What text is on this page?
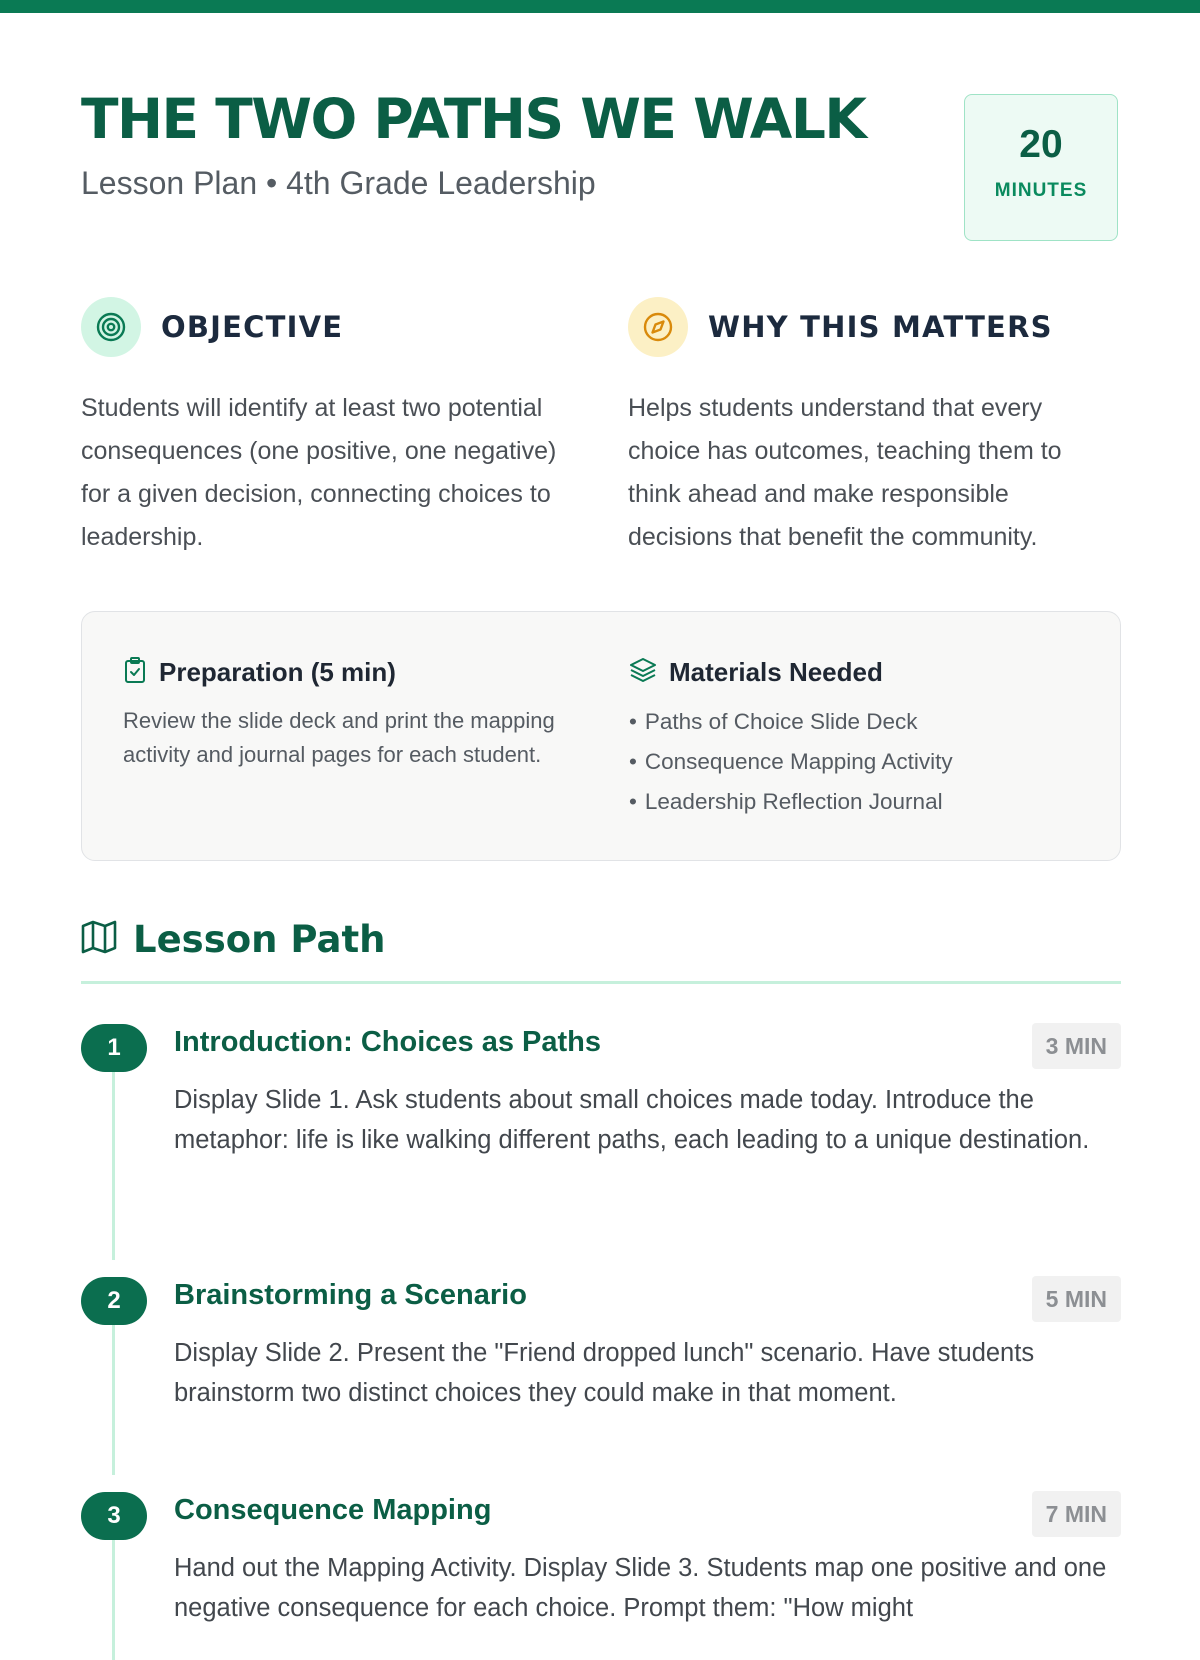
THE TWO PATHS WE WALK
Lesson Plan • 4th Grade Leadership
20
MINUTES
OBJECTIVE
Students will identify at least two potential consequences (one positive, one negative) for a given decision, connecting choices to leadership.
WHY THIS MATTERS
Helps students understand that every choice has outcomes, teaching them to think ahead and make responsible decisions that benefit the community.
Preparation (5 min)
Review the slide deck and print the mapping activity and journal pages for each student.
Materials Needed
• Paths of Choice Slide Deck
• Consequence Mapping Activity
• Leadership Reflection Journal
Lesson Path
1	Introduction: Choices as Paths	3 MIN
Display Slide 1. Ask students about small choices made today. Introduce the metaphor: life is like walking different paths, each leading to a unique destination.
2	Brainstorming a Scenario	5 MIN
Display Slide 2. Present the "Friend dropped lunch" scenario. Have students brainstorm two distinct choices they could make in that moment.
3	Consequence Mapping	7 MIN
Hand out the Mapping Activity. Display Slide 3. Students map one positive and one negative consequence for each choice. Prompt them: "How might
